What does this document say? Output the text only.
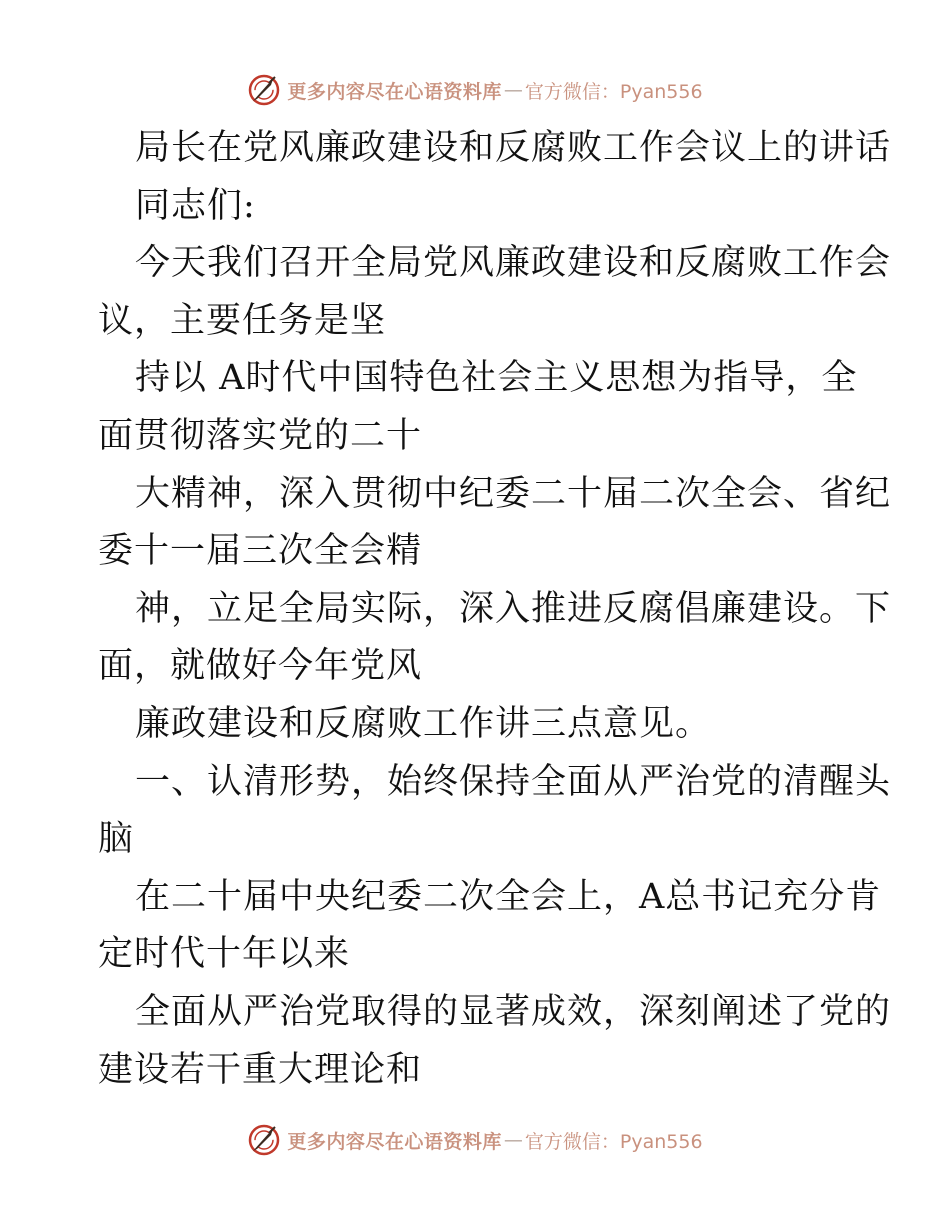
更多内容尽在心语资料库 — 官方微信：Pyan556
局长在党风廉政建设和反腐败工作会议上的讲话
同志们:
今天我们召开全局党风廉政建设和反腐败工作会
议，主要任务是坚
持以 A时代中国特色社会主义思想为指导，全
面贯彻落实党的二十
大精神，深入贯彻中纪委二十届二次全会、省纪
委十一届三次全会精
神，立足全局实际，深入推进反腐倡廉建设。下
面，就做好今年党风
廉政建设和反腐败工作讲三点意见。
一、认清形势，始终保持全面从严治党的清醒头
脑
在二十届中央纪委二次全会上，A总书记充分肯
定时代十年以来
全面从严治党取得的显著成效，深刻阐述了党的
建设若干重大理论和
更多内容尽在心语资料库 — 官方微信：Pyan556
